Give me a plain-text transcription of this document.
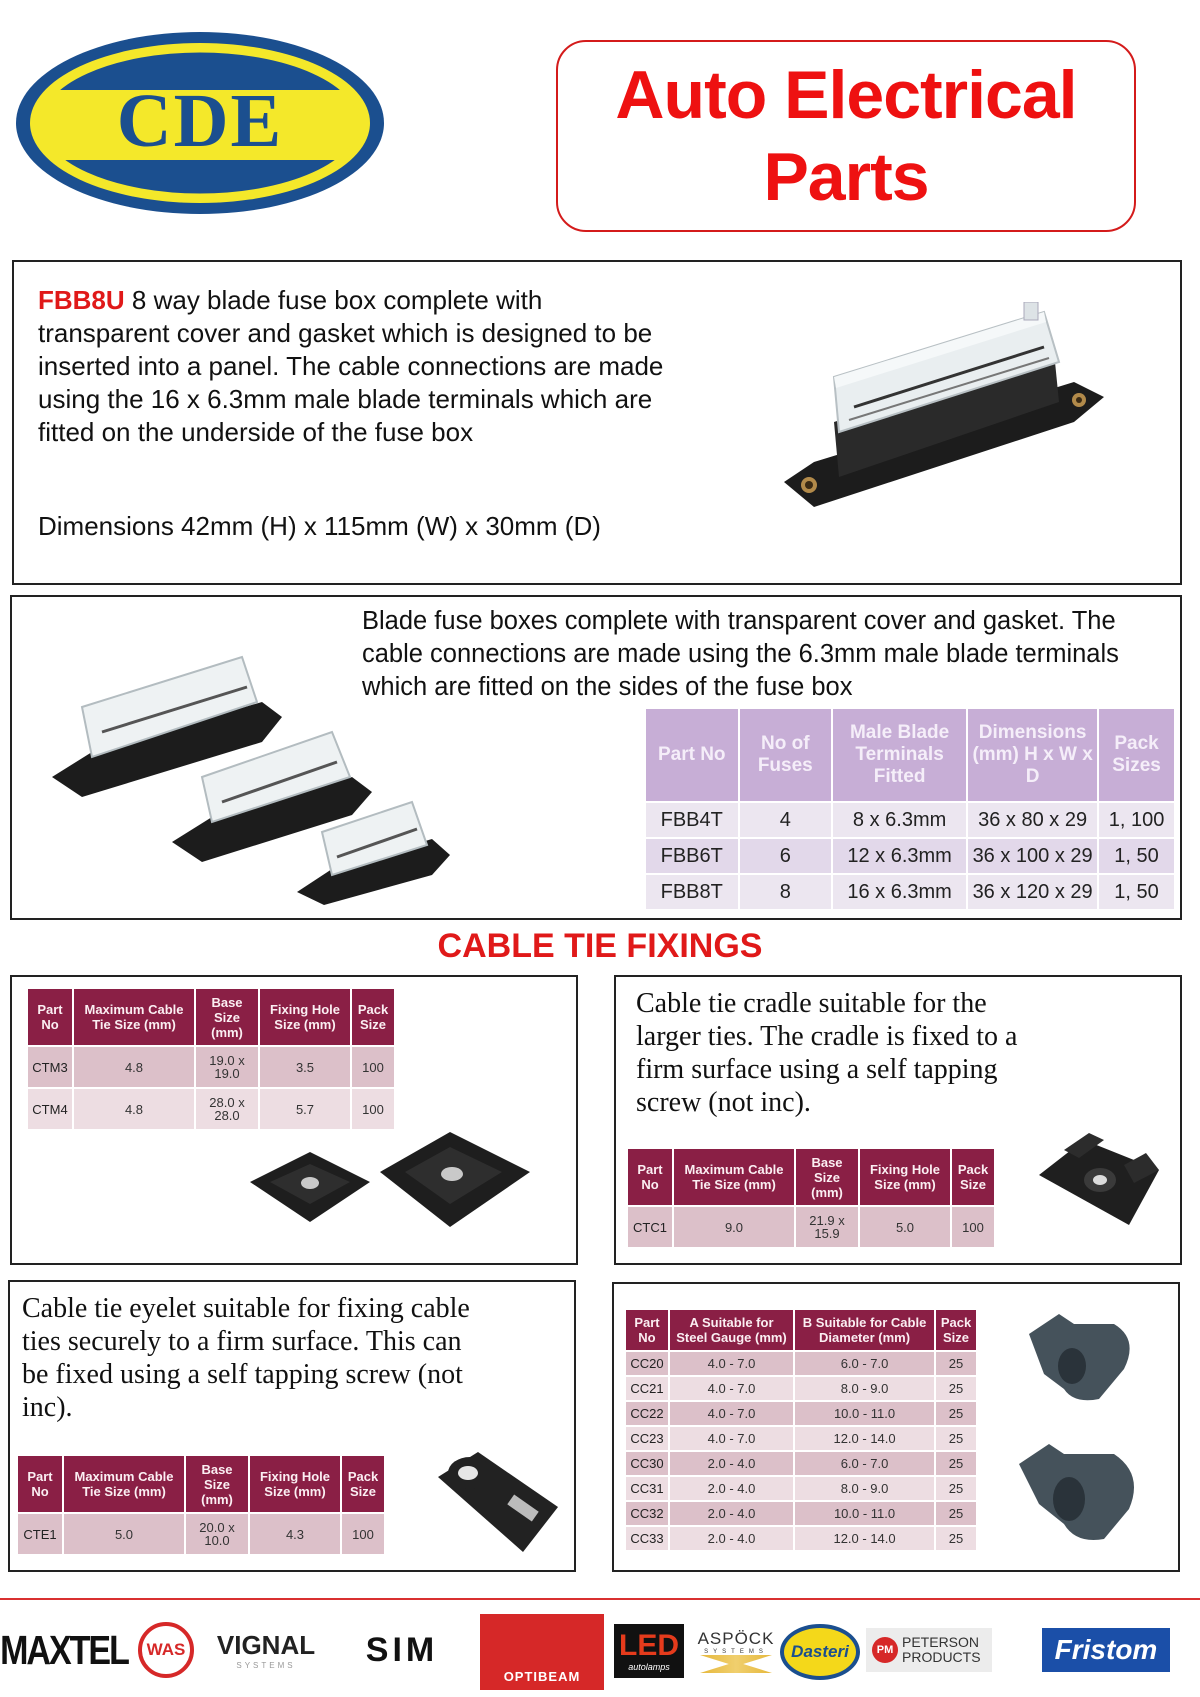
CDE	Auto Electrical
Parts
FBB8U 8 way blade fuse box complete with transparent cover and gasket which is designed to be inserted into a panel. The cable connections are made using the 16 x 6.3mm male blade terminals which are fitted on the underside of the fuse box
Dimensions 42mm (H) x 115mm (W) x 30mm (D)
Blade fuse boxes complete with transparent cover and gasket. The cable connections are made using the 6.3mm male blade terminals which are fitted on the sides of the fuse box
Part No	No of Fuses	Male Blade Terminals Fitted	Dimensions (mm) H x W x D	Pack Sizes
FBB4T	4	8 x 6.3mm	36 x 80 x 29	1, 100
FBB6T	6	12 x 6.3mm	36 x 100 x 29	1, 50
FBB8T	8	16 x 6.3mm	36 x 120 x 29	1, 50
CABLE TIE FIXINGS
Part No	Maximum Cable Tie Size (mm)	Base Size (mm)	Fixing Hole Size (mm)	Pack Size
CTM3	4.8	19.0 x 19.0	3.5	100
CTM4	4.8	28.0 x 28.0	5.7	100
Cable tie cradle suitable for the larger ties. The cradle is fixed to a firm surface using a self tapping screw (not inc).
Part No	Maximum Cable Tie Size (mm)	Base Size (mm)	Fixing Hole Size (mm)	Pack Size
CTC1	9.0	21.9 x 15.9	5.0	100
Cable tie eyelet suitable for fixing cable ties securely to a firm surface. This can be fixed using a self tapping screw (not inc).
Part No	Maximum Cable Tie Size (mm)	Base Size (mm)	Fixing Hole Size (mm)	Pack Size
CTE1	5.0	20.0 x 10.0	4.3	100
Part No	A Suitable for Steel Gauge (mm)	B Suitable for Cable Diameter (mm)	Pack Size
CC20	4.0 - 7.0	6.0 - 7.0	25
CC21	4.0 - 7.0	8.0 - 9.0	25
CC22	4.0 - 7.0	10.0 - 11.0	25
CC23	4.0 - 7.0	12.0 - 14.0	25
CC30	2.0 - 4.0	6.0 - 7.0	25
CC31	2.0 - 4.0	8.0 - 9.0	25
CC32	2.0 - 4.0	10.0 - 11.0	25
CC33	2.0 - 4.0	12.0 - 14.0	25
MAXTEL WAS VIGNAL
SYSTEMS SIM
OPTIBEAM
LED
autolamps
ASPÖCK
SYSTEMS Dasteri	PM PETERSON
PRODUCTS	Fristom
